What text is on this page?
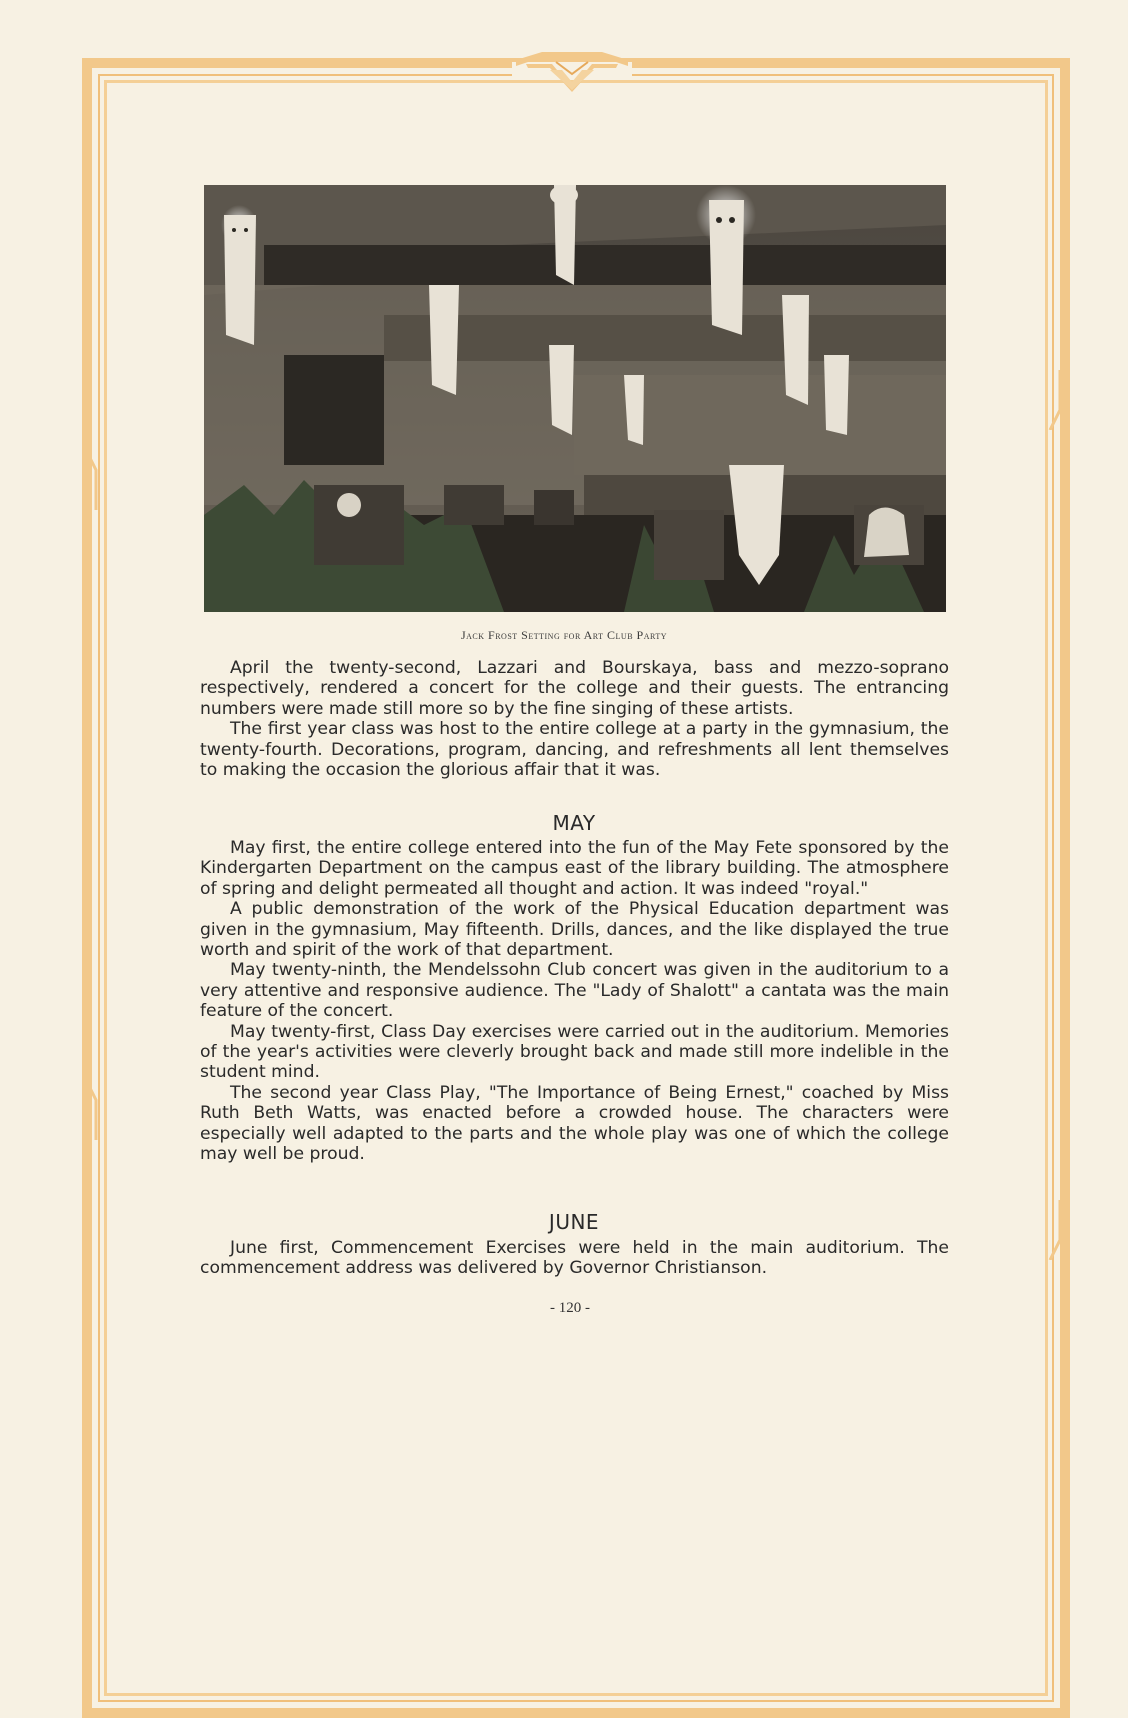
Jack Frost Setting for Art Club Party

April the twenty-second, Lazzari and Bourskaya, bass and mezzo-soprano respectively, rendered a concert for the college and their guests. The entrancing numbers were made still more so by the fine singing of these artists.

The first year class was host to the entire college at a party in the gymnasium, the twenty-fourth. Decorations, program, dancing, and refreshments all lent themselves to making the occasion the glorious affair that it was.

MAY

May first, the entire college entered into the fun of the May Fete sponsored by the Kindergarten Department on the campus east of the library building. The atmosphere of spring and delight permeated all thought and action. It was indeed "royal."

A public demonstration of the work of the Physical Education department was given in the gymnasium, May fifteenth. Drills, dances, and the like displayed the true worth and spirit of the work of that department.

May twenty-ninth, the Mendelssohn Club concert was given in the auditorium to a very attentive and responsive audience. The "Lady of Shalott" a cantata was the main feature of the concert.

May twenty-first, Class Day exercises were carried out in the auditorium. Memories of the year's activities were cleverly brought back and made still more indelible in the student mind.

The second year Class Play, "The Importance of Being Ernest," coached by Miss Ruth Beth Watts, was enacted before a crowded house. The characters were especially well adapted to the parts and the whole play was one of which the college may well be proud.

JUNE

June first, Commencement Exercises were held in the main auditorium. The commencement address was delivered by Governor Christianson.

- 120 -
